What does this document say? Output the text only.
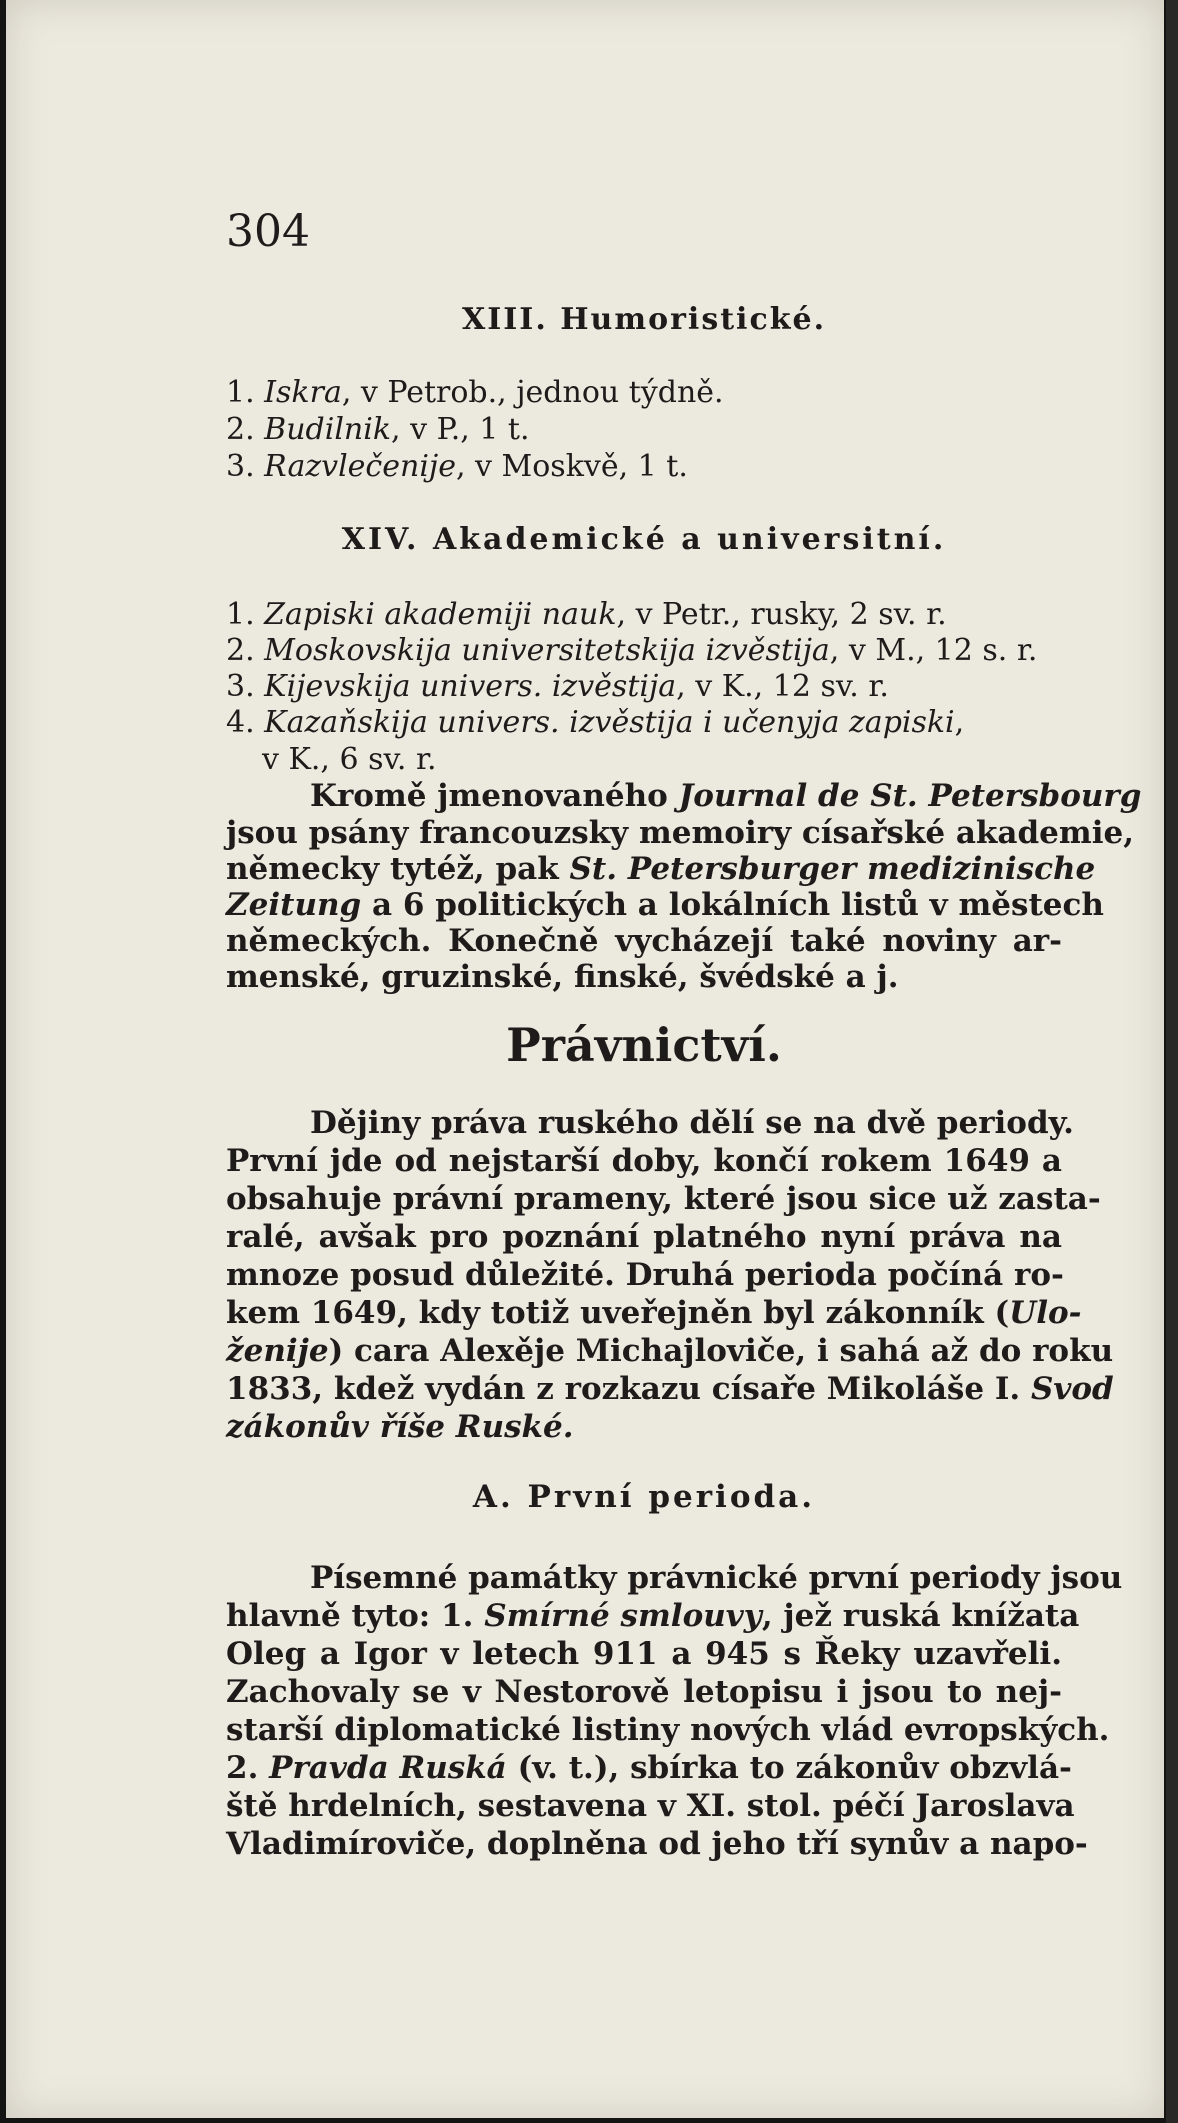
304
XIII. Humoristické.
1. Iskra, v Petrob., jednou týdně.
2. Budilnik, v P., 1 t.
3. Razvlečenije, v Moskvě, 1 t.
XIV. Akademické a universitní.
1. Zapiski akademiji nauk, v Petr., rusky, 2 sv. r.
2. Moskovskija universitetskija izvěstija, v M., 12 s. r.
3. Kijevskija univers. izvěstija, v K., 12 sv. r.
4. Kazaňskija univers. izvěstija i učenyja zapiski,
v K., 6 sv. r.
Kromě jmenovaného Journal de St. Petersbourg
jsou psány francouzsky memoiry císařské akademie,
německy tytéž, pak St. Petersburger medizinische
Zeitung a 6 politických a lokálních listů v městech
německých. Konečně vycházejí také noviny ar-
menské, gruzinské, finské, švédské a j.
Právnictví.
Dějiny práva ruského dělí se na dvě periody.
První jde od nejstarší doby, končí rokem 1649 a
obsahuje právní prameny, které jsou sice už zasta-
ralé, avšak pro poznání platného nyní práva na
mnoze posud důležité. Druhá perioda počíná ro-
kem 1649, kdy totiž uveřejněn byl zákonník (Ulo-
ženije) cara Alexěje Michajloviče, i sahá až do roku
1833, kdež vydán z rozkazu císaře Mikoláše I. Svod
zákonův říše Ruské.
A. První perioda.
Písemné památky právnické první periody jsou
hlavně tyto: 1. Smírné smlouvy, jež ruská knížata
Oleg a Igor v letech 911 a 945 s Řeky uzavřeli.
Zachovaly se v Nestorově letopisu i jsou to nej-
starší diplomatické listiny nových vlád evropských.
2. Pravda Ruská (v. t.), sbírka to zákonův obzvlá-
ště hrdelních, sestavena v XI. stol. péčí Jaroslava
Vladimíroviče, doplněna od jeho tří synův a napo-
